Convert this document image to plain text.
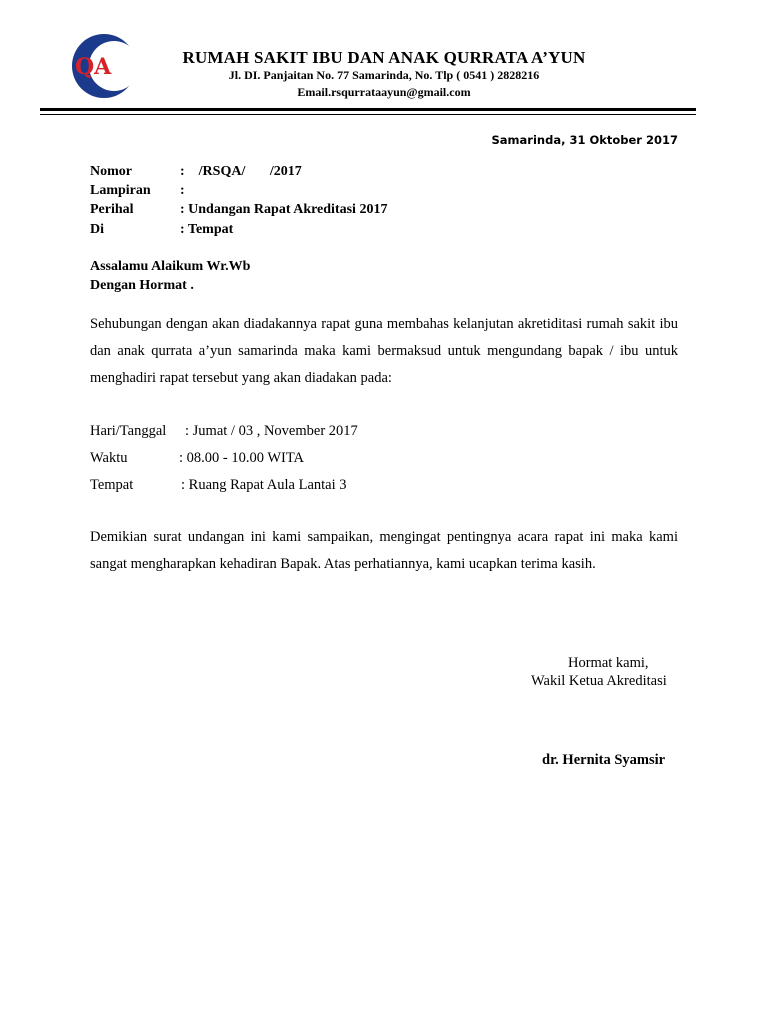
QA	RUMAH SAKIT IBU DAN ANAK QURRATA A’YUN
Jl. DI. Panjaitan No. 77 Samarinda, No. Tlp ( 0541 ) 2828216
Email.rsqurrataayun@gmail.com
Samarinda, 31 Oktober 2017
Nomor	:    /RSQA/       /2017
Lampiran :
Perihal	: Undangan Rapat Akreditasi 2017
Di	: Tempat
Assalamu Alaikum Wr.Wb
Dengan Hormat .
Sehubungan dengan akan diadakannya rapat guna membahas kelanjutan akretiditasi rumah sakit ibu dan anak qurrata a’yun samarinda maka kami bermaksud untuk mengundang bapak / ibu untuk menghadiri rapat tersebut yang akan diadakan pada:
Hari/Tanggal : Jumat / 03 , November 2017
Waktu	: 08.00 - 10.00 WITA
Tempat	: Ruang Rapat Aula Lantai 3
Demikian surat undangan ini kami sampaikan, mengingat pentingnya acara rapat ini maka kami sangat mengharapkan kehadiran Bapak. Atas perhatiannya, kami ucapkan terima kasih.
Hormat kami,
Wakil Ketua Akreditasi
dr. Hernita Syamsir
